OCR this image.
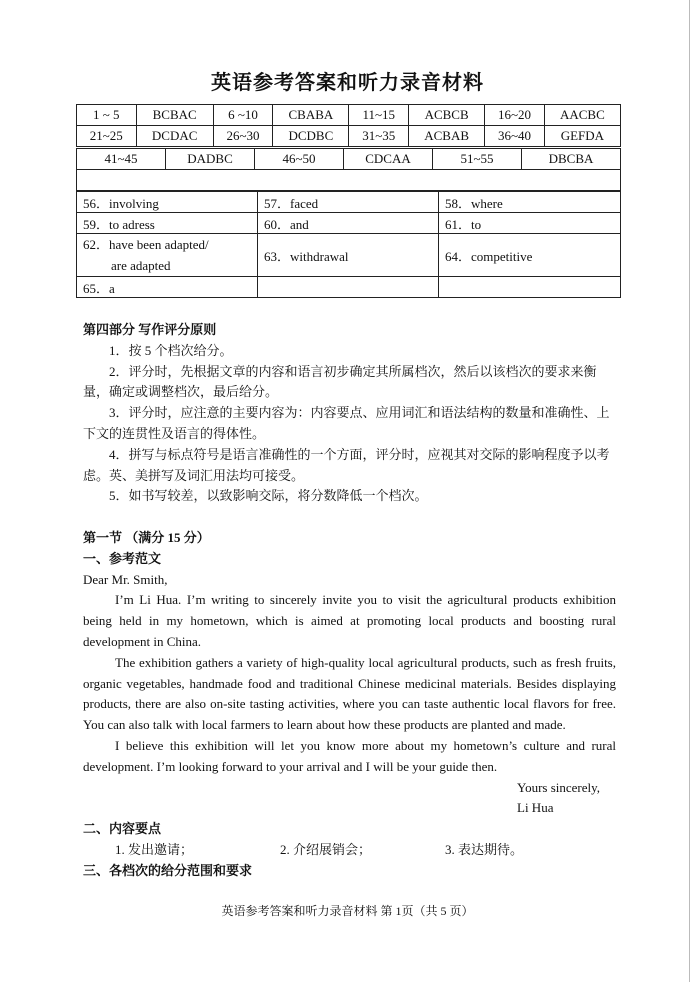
英语参考答案和听力录音材料
1 ~ 5	BCBAC	6 ~10	CBABA	11~15	ACBCB	16~20	AACBC
21~25	DCDAC	26~30	DCDBC	31~35	ACBAB	36~40	GEFDA
41~45	DADBC	46~50	CDCAA	51~55	DBCBA

56．involving	57．faced	58．where
59．to adress	60．and	61．to

62．have been adapted/
are adapted	63．withdrawal	64．competitive
65．a		

第四部分 写作评分原则

1．按 5 个档次给分。

2．评分时，先根据文章的内容和语言初步确定其所属档次，然后以该档次的要求来衡量，确定或调整档次，最后给分。

3．评分时，应注意的主要内容为：内容要点、应用词汇和语法结构的数量和准确性、上下文的连贯性及语言的得体性。

4．拼写与标点符号是语言准确性的一个方面，评分时，应视其对交际的影响程度予以考虑。英、美拼写及词汇用法均可接受。

5．如书写较差，以致影响交际，将分数降低一个档次。

第一节 （满分 15 分）

一、参考范文

Dear Mr. Smith,

I’m Li Hua. I’m writing to sincerely invite you to visit the agricultural products exhibition being held in my hometown, which is aimed at promoting local products and boosting rural development in China.

The exhibition gathers a variety of high-quality local agricultural products, such as fresh fruits, organic vegetables, handmade food and traditional Chinese medicinal materials. Besides displaying products, there are also on-site tasting activities, where you can taste authentic local flavors for free. You can also talk with local farmers to learn about how these products are planted and made.

I believe this exhibition will let you know more about my hometown’s culture and rural development. I’m looking forward to your arrival and I will be your guide then.

Yours sincerely,

Li Hua

二、内容要点

1. 发出邀请；	2. 介绍展销会；	3. 表达期待。

三、各档次的给分范围和要求

英语参考答案和听力录音材料 第 1页（共 5 页）
